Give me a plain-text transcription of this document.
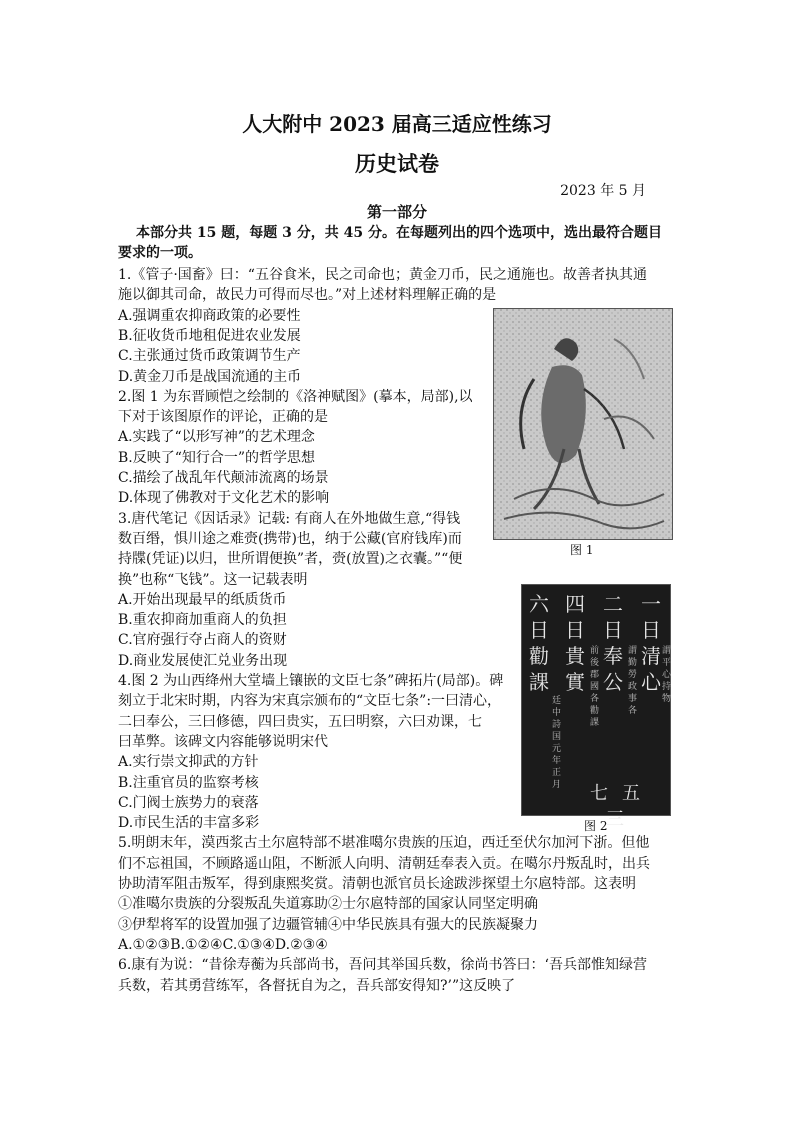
人大附中 2023 届高三适应性练习
历史试卷
2023 年 5 月
第一部分
本部分共 15 题，每题 3 分，共 45 分。在每题列出的四个选项中，选出最符合题目
要求的一项。
1.《管子·国畜》曰：“五谷食米，民之司命也；黄金刀币，民之通施也。故善者执其通
施以御其司命，故民力可得而尽也。”对上述材料理解正确的是
A.强调重农抑商政策的必要性
B.征收货币地租促进农业发展
C.主张通过货币政策调节生产
D.黄金刀币是战国流通的主币
2.图 1 为东晋顾恺之绘制的《洛神赋图》(摹本，局部),以
下对于该图原作的评论，正确的是
A.实践了“以形写神”的艺术理念
B.反映了“知行合一”的哲学思想
C.描绘了战乱年代颠沛流离的场景
D.体现了佛教对于文化艺术的影响
3.唐代笔记《因话录》记载: 有商人在外地做生意,“得钱
数百缗，惧川途之难赍(携带)也，纳于公藏(官府钱库)而
持牒(凭证)以归，世所谓便换”者，赍(放置)之衣囊。”“便
换”也称“飞钱”。这一记载表明
A.开始出现最早的纸质货币
B.重农抑商加重商人的负担
C.官府强行夺占商人的资财
D.商业发展使汇兑业务出现
4.图 2 为山西绛州大堂墙上镶嵌的文臣七条”碑拓片(局部)。碑
刻立于北宋时期，内容为宋真宗颁布的“文臣七条”:一曰清心，
二曰奉公，三曰修德，四曰贵实，五曰明察，六曰劝课，七
曰革弊。该碑文内容能够说明宋代
A.实行崇文抑武的方针
B.注重官员的监察考核
C.门阀士族势力的衰落
D.市民生活的丰富多彩
5.明朗末年，漠西浆古土尔扈特部不堪准噶尔贵族的压迫，西迁至伏尔加河下浙。但他
们不忘祖国，不顾路遥山阻，不断派人向明、清朝廷奉表入贡。在噶尔丹叛乱时，出兵
协助清军阻击叛军，得到康熙奖赏。清朝也派官员长途跋涉探望土尔扈特部。这表明
①准噶尔贵族的分裂叛乱失道寡助②士尔扈特部的国家认同坚定明确
③伊犁将军的设置加强了边疆管辅④中华民族具有强大的民族凝聚力
A.①②③B.①②④C.①③④D.②③④
6.康有为说：“昔徐寿蘅为兵部尚书，吾问其举国兵数，徐尚书答曰：‘吾兵部惟知绿营
兵数，若其勇营练军，各督抚自为之，吾兵部安得知?’”这反映了
图 1
六日勸課
四日貴實
二日奉公
一日清心
廷中詩国元年正月
前後郡國各勸課
謂勤勞政事各
謂平心持物
七五三
图 2
